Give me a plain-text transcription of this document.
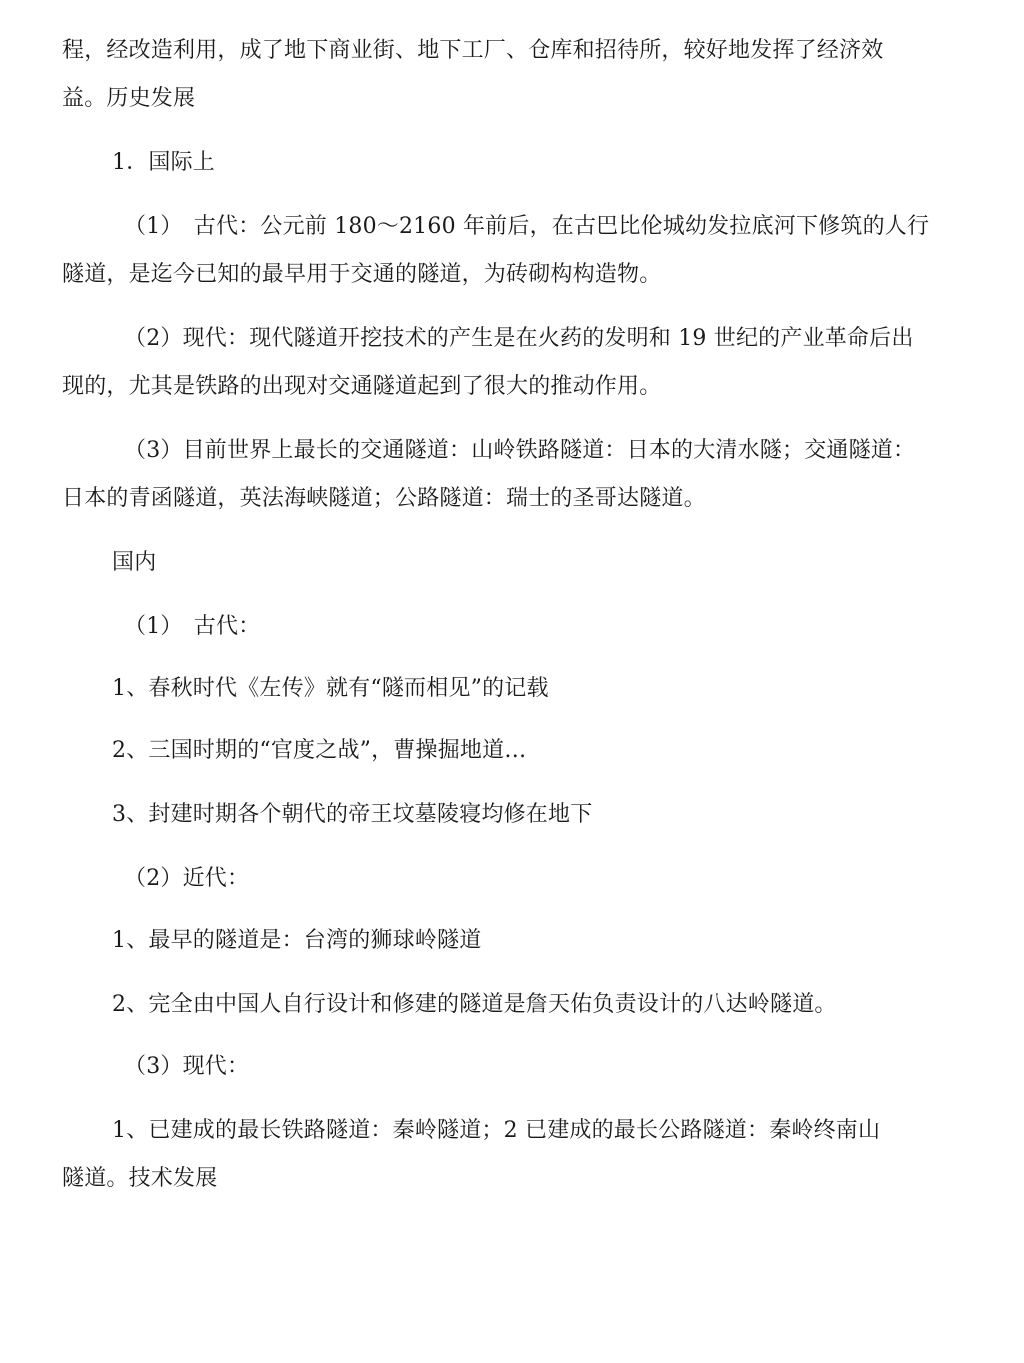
程，经改造利用，成了地下商业街、地下工厂、仓库和招待所，较好地发挥了经济效
益。历史发展
1．国际上
（1）　古代：公元前 180～2160 年前后，在古巴比伦城幼发拉底河下修筑的人行
隧道，是迄今已知的最早用于交通的隧道，为砖砌构构造物。
（2）现代：现代隧道开挖技术的产生是在火药的发明和 19 世纪的产业革命后出
现的，尤其是铁路的出现对交通隧道起到了很大的推动作用。
（3）目前世界上最长的交通隧道：山岭铁路隧道：日本的大清水隧；交通隧道：
日本的青函隧道，英法海峡隧道；公路隧道：瑞士的圣哥达隧道。
国内
（1）　古代：
1、春秋时代《左传》就有“隧而相见”的记载
2、三国时期的“官度之战”，曹操掘地道…
3、封建时期各个朝代的帝王坟墓陵寝均修在地下
（2）近代：
1、最早的隧道是：台湾的狮球岭隧道
2、完全由中国人自行设计和修建的隧道是詹天佑负责设计的八达岭隧道。
（3）现代：
1、已建成的最长铁路隧道：秦岭隧道；2 已建成的最长公路隧道：秦岭终南山
隧道。技术发展
